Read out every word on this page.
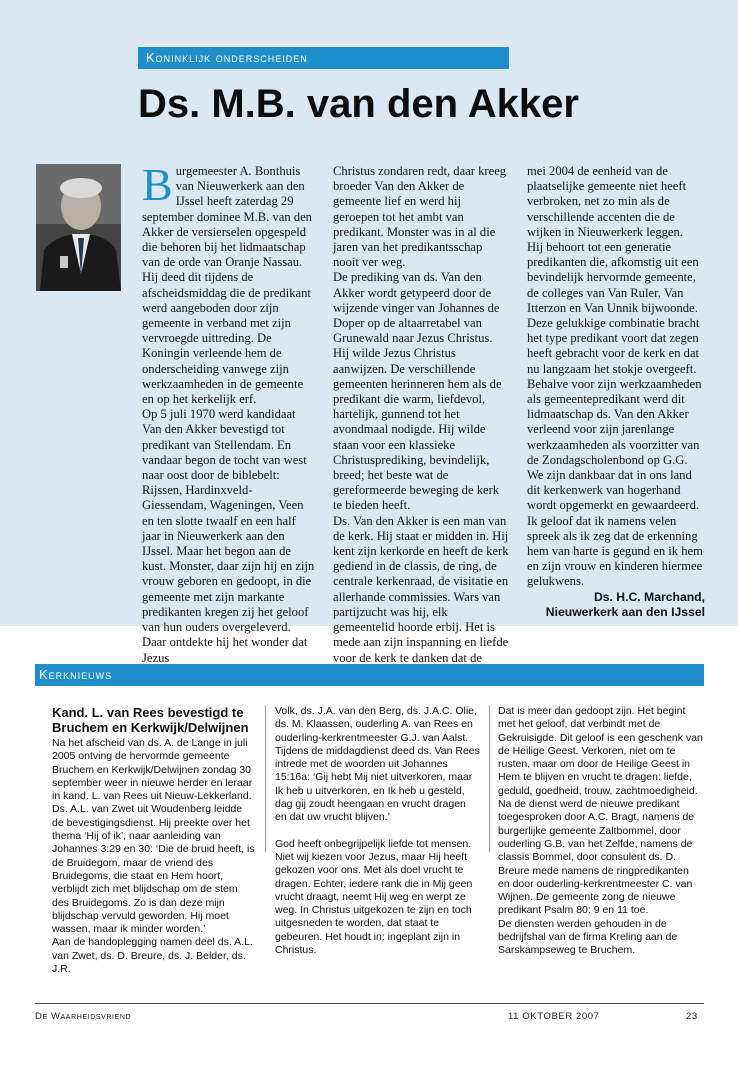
Koninklijk onderscheiden
Ds. M.B. van den Akker
B urgemeester A. Bonthuis van Nieuwerkerk aan den IJssel heeft zaterdag 29 september dominee M.B. van den Akker de versierselen opgespeld die behoren bij het lidmaatschap van de orde van Oranje Nassau. Hij deed dit tijdens de afscheidsmiddag die de predikant werd aangeboden door zijn gemeente in verband met zijn vervroegde uittreding. De Koningin verleende hem de onderscheiding vanwege zijn werkzaamheden in de gemeente en op het kerkelijk erf.

Op 5 juli 1970 werd kandidaat Van den Akker bevestigd tot predikant van Stellendam. En vandaar begon de tocht van west naar oost door de biblebelt: Rijssen, Hardinxveld-Giessendam, Wageningen, Veen en ten slotte twaalf en een half jaar in Nieuwerkerk aan den IJssel. Maar het begon aan de kust. Monster, daar zijn hij en zijn vrouw geboren en gedoopt, in die gemeente met zijn markante predikanten kregen zij het geloof van hun ouders overgeleverd. Daar ontdekte hij het wonder dat Jezus

Christus zondaren redt, daar kreeg broeder Van den Akker de gemeente lief en werd hij geroepen tot het ambt van predikant. Monster was in al die jaren van het predikantsschap nooit ver weg.

De prediking van ds. Van den Akker wordt getypeerd door de wijzende vinger van Johannes de Doper op de altaarretabel van Grunewald naar Jezus Christus. Hij wilde Jezus Christus aanwijzen. De verschillende gemeenten herinneren hem als de predikant die warm, liefdevol, hartelijk, gunnend tot het avondmaal nodigde. Hij wilde staan voor een klassieke Christusprediking, bevindelijk, breed; het beste wat de gereformeerde beweging de kerk te bieden heeft.

Ds. Van den Akker is een man van de kerk. Hij staat er midden in. Hij kent zijn kerkorde en heeft de kerk gediend in de classis, de ring, de centrale kerkenraad, de visitatie en allerhande commissies. Wars van partijzucht was hij, elk gemeentelid hoorde erbij. Het is mede aan zijn inspanning en liefde voor de kerk te danken dat de

mei 2004 de eenheid van de plaatselijke gemeente niet heeft verbroken, net zo min als de verschillende accenten die de wijken in Nieuwerkerk leggen.

Hij behoort tot een generatie predikanten die, afkomstig uit een bevindelijk hervormde gemeente, de colleges van Van Ruler, Van Itterzon en Van Unnik bijwoonde. Deze gelukkige combinatie bracht het type predikant voort dat zegen heeft gebracht voor de kerk en dat nu langzaam het stokje overgeeft.

Behalve voor zijn werkzaamheden als gemeentepredikant werd dit lidmaatschap ds. Van den Akker verleend voor zijn jarenlange werkzaamheden als voorzitter van de Zondagscholenbond op G.G.

We zijn dankbaar dat in ons land dit kerkenwerk van hogerhand wordt opgemerkt en gewaardeerd. Ik geloof dat ik namens velen spreek als ik zeg dat de erkenning hem van harte is gegund en ik hem en zijn vrouw en kinderen hiermee gelukwens.

Ds. H.C. Marchand,
Nieuwerkerk aan den IJssel
Kerknieuws

Kand. L. van Rees bevestigd te Bruchem en Kerkwijk/Delwijnen

Na het afscheid van ds. A. de Lange in juli 2005 ontving de hervormde gemeente Bruchem en Kerkwijk/Delwijnen zondag 30 september weer in nieuwe herder en leraar in kand. L. van Rees uit Nieuw-Lekkerland.

Ds. A.L. van Zwet uit Woudenberg leidde de bevestigingsdienst. Hij preekte over het thema ‘Hij of ik’, naar aanleiding van Johannes 3:29 en 30: ‘Die de bruid heeft, is de Bruidegom, maar de vriend des Bruidegoms, die staat en Hem hoort, verblijdt zich met blijdschap om de stem des Bruidegoms. Zo is dan deze mijn blijdschap vervuld geworden. Hij moet wassen, maar ik minder worden.’

Aan de handoplegging namen deel ds. A.L. van Zwet, ds. D. Breure, ds. J. Belder, ds. J.R.

Volk, ds. J.A. van den Berg, ds. J.A.C. Olie, ds. M. Klaassen, ouderling A. van Rees en ouderling-kerkrentmeester G.J. van Aalst.

Tijdens de middagdienst deed ds. Van Rees intrede met de woorden uit Johannes 15:16a: ‘Gij hebt Mij niet uitverkoren, maar Ik heb u uitverkoren, en Ik heb u gesteld, dag gij zoudt heengaan en vrucht dragen en dat uw vrucht blijven.’

God heeft onbegrijpelijk liefde tot mensen. Niet wij kiezen voor Jezus, maar Hij heeft gekozen voor ons. Met als doel vrucht te dragen. Echter, iedere rank die in Mij geen vrucht draagt, neemt Hij weg en werpt ze weg. In Christus uitgekozen te zijn en toch uitgesneden te worden, dat staat te gebeuren. Het houdt in: ingeplant zijn in Christus.

Dat is meer dan gedoopt zijn. Het begint met het geloof, dat verbindt met de Gekruisigde. Dit geloof is een geschenk van de Heilige Geest. Verkoren, niet om te rusten, maar om door de Heilige Geest in Hem te blijven en vrucht te dragen: liefde, geduld, goedheid, trouw, zachtmoedigheid.

Na de dienst werd de nieuwe predikant toegesproken door A.C. Bragt, namens de burgerlijke gemeente Zaltbommel, door ouderling G.B. van het Zelfde, namens de classis Bommel, door consulent ds. D. Breure mede namens de ringpredikanten en door ouderling-kerkrentmeester C. van Wijnen. De gemeente zong de nieuwe predikant Psalm 80: 9 en 11 toe.

De diensten werden gehouden in de bedrijfshal van de firma Kreling aan de Sarskampseweg te Bruchem.

De Waarheidsvriend	11 OKTOBER 2007	23
